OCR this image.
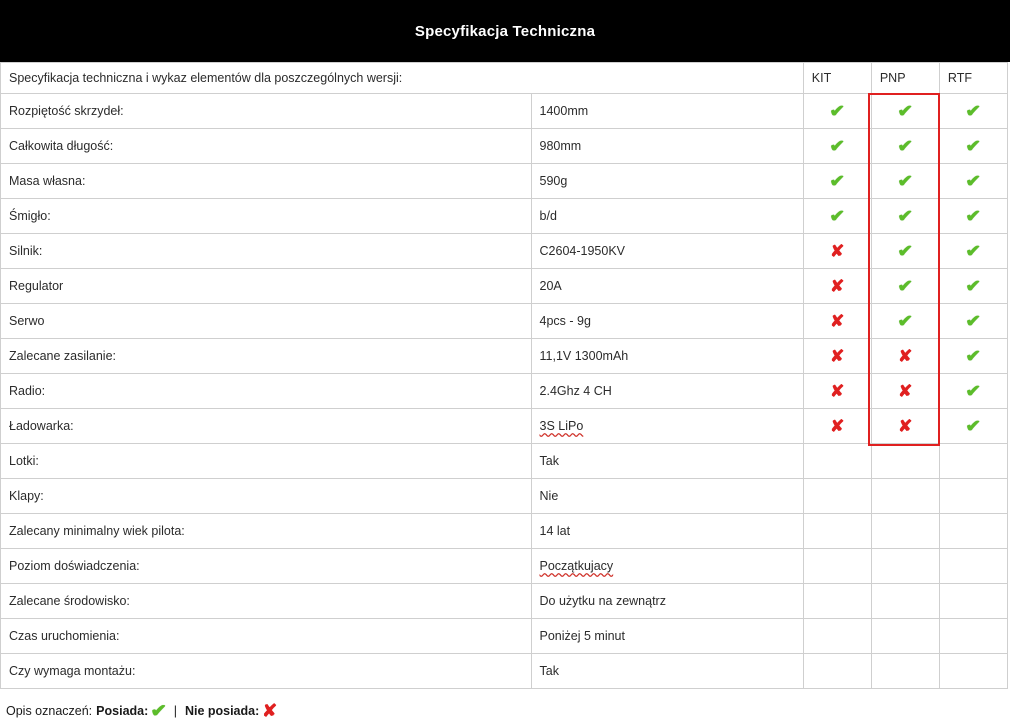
Specyfikacja Techniczna
Specyfikacja techniczna i wykaz elementów dla poszczególnych wersji:		KIT	PNP	RTF
Rozpiętość skrzydeł:	1400mm	✔	✔	✔
Całkowita długość:	980mm	✔	✔	✔
Masa własna:	590g	✔	✔	✔
Śmigło:	b/d	✔	✔	✔
Silnik:	C2604-1950KV	✘	✔	✔
Regulator	20A	✘	✔	✔
Serwo	4pcs - 9g	✘	✔	✔
Zalecane zasilanie:	11,1V 1300mAh	✘	✘	✔
Radio:	2.4Ghz 4 CH	✘	✘	✔
Ładowarka:	3S LiPo	✘	✘	✔
Lotki:	Tak			
Klapy:	Nie			
Zalecany minimalny wiek pilota:	14 lat			
Poziom doświadczenia:	Początkujacy			
Zalecane środowisko:	Do użytku na zewnątrz			
Czas uruchomienia:	Poniżej 5 minut			
Czy wymaga montażu:	Tak			
Opis oznaczeń: Posiada: ✔ | Nie posiada: ✘
